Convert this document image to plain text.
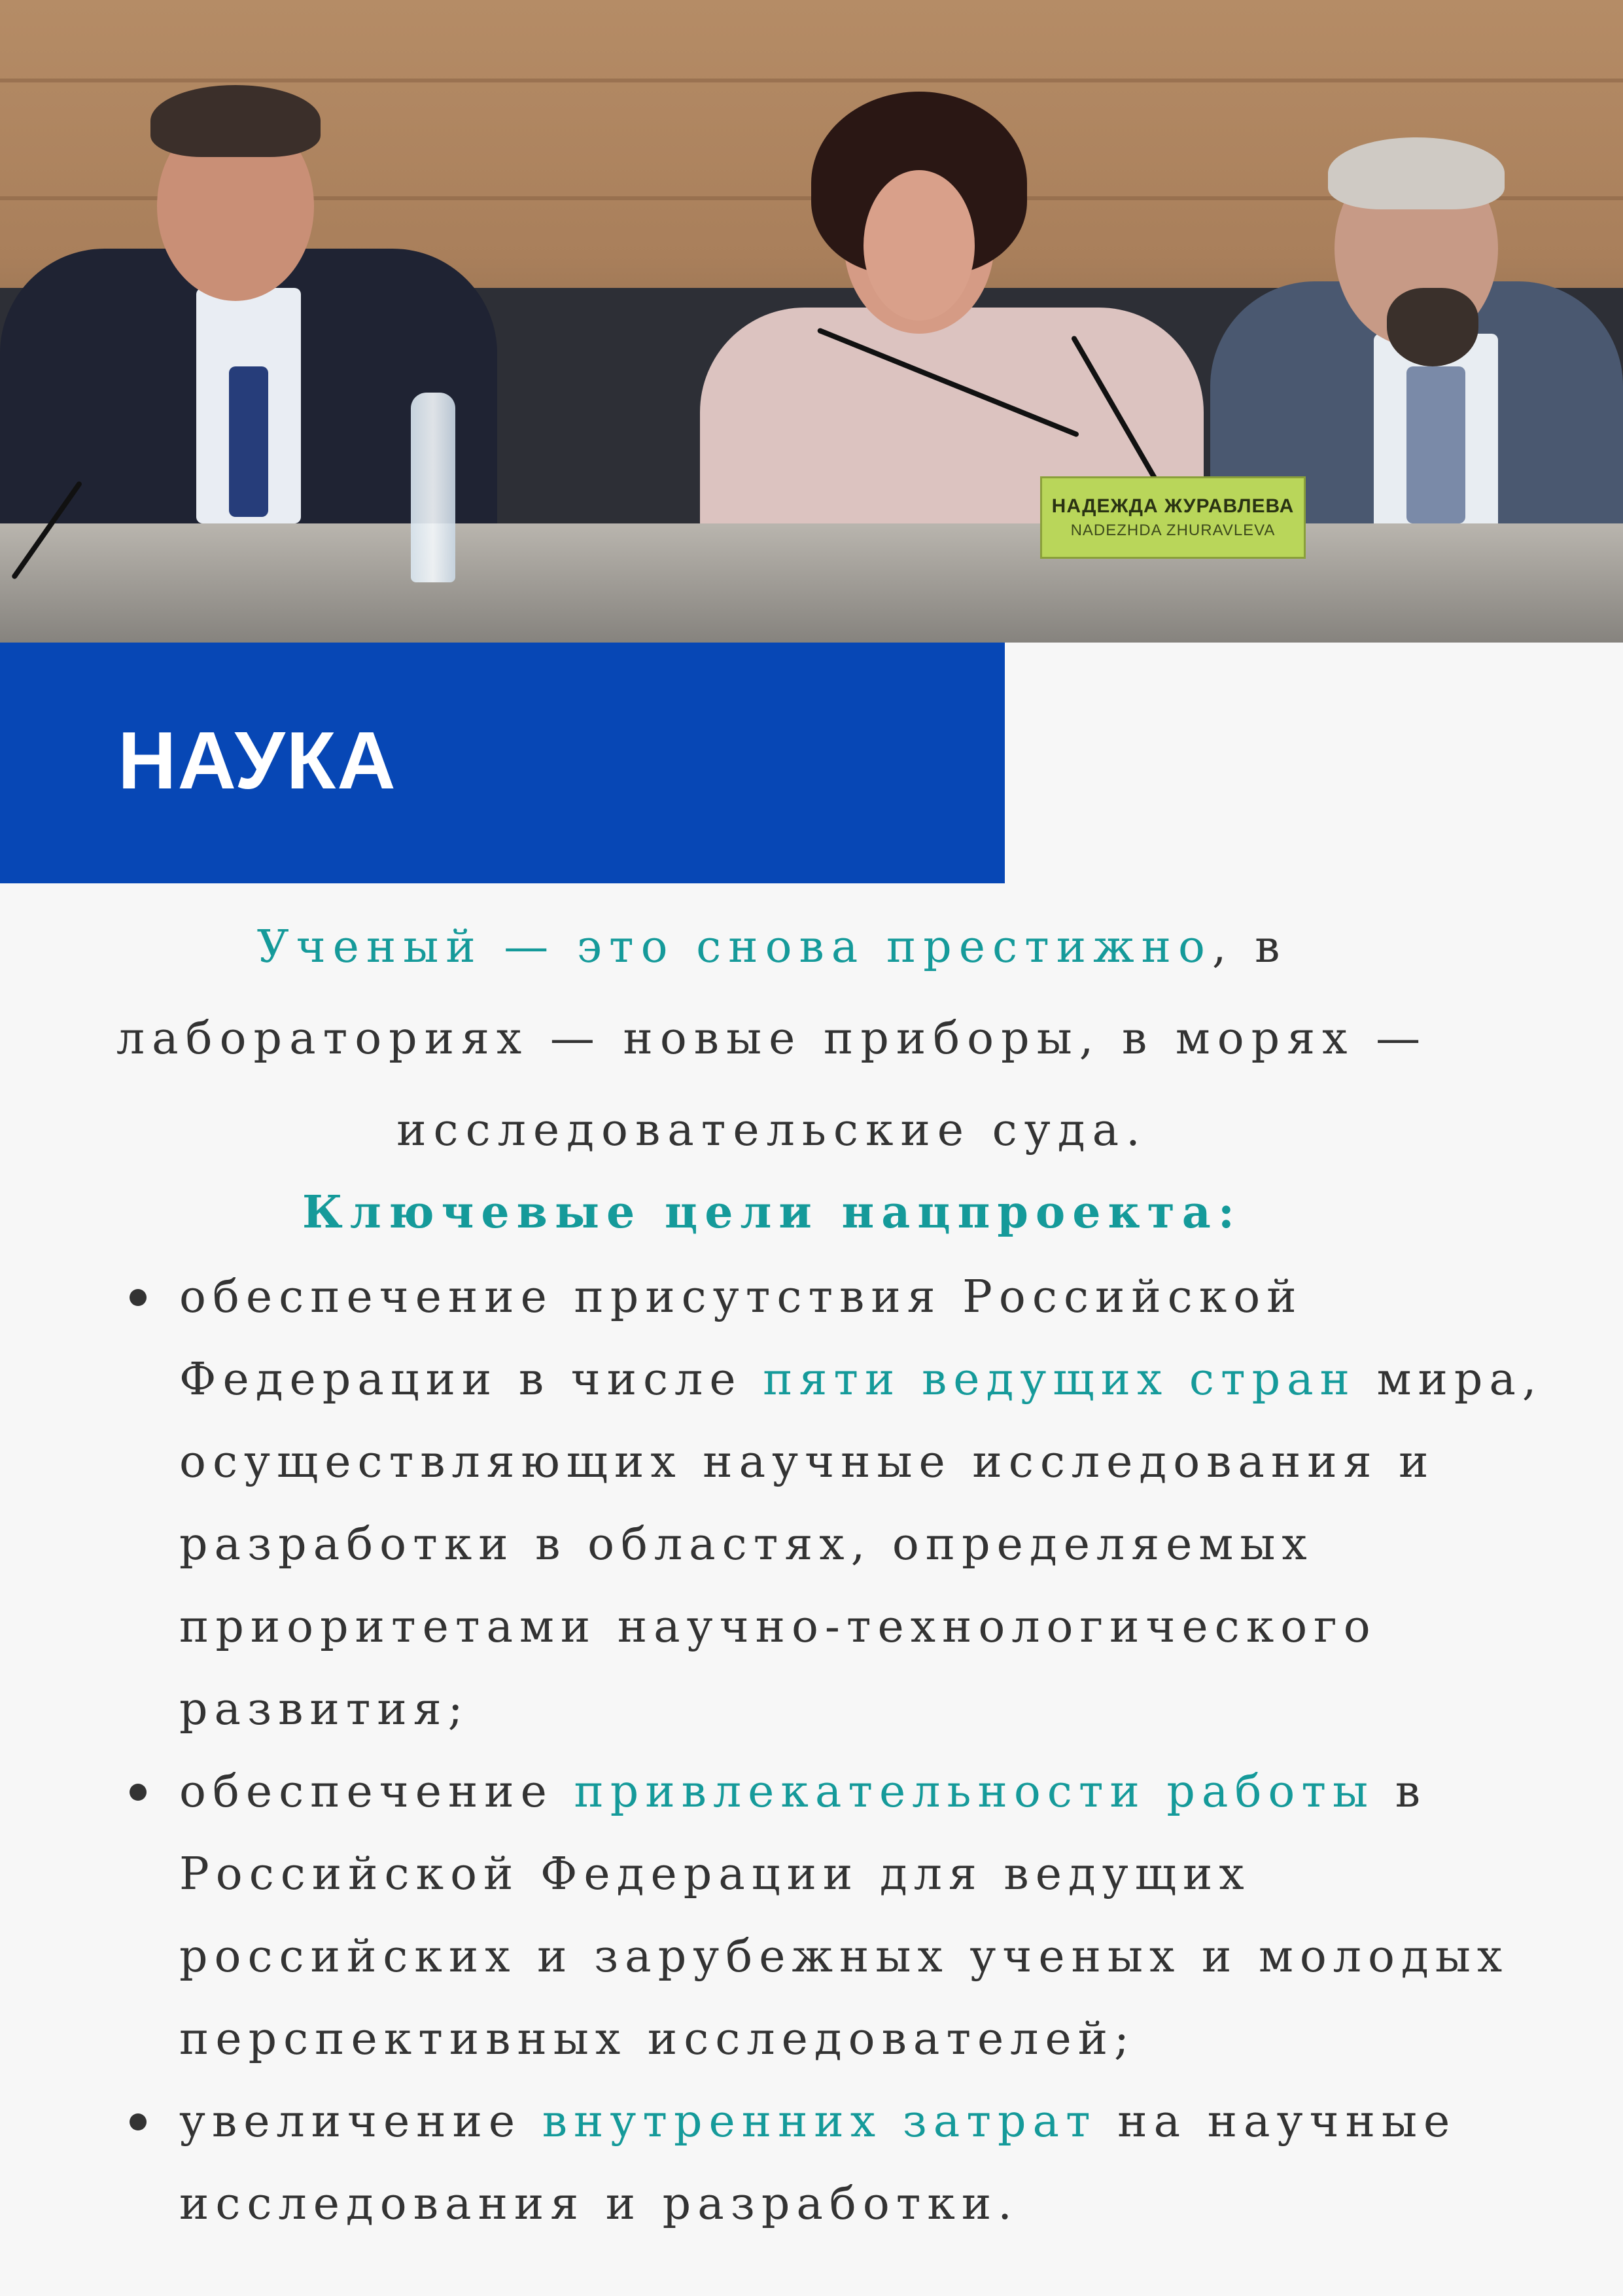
НАДЕЖДА ЖУРАВЛЕВА
NADEZHDA ZHURAVLEVA
НАУКА

Ученый — это снова престижно, в лабораториях — новые приборы, в морях — исследовательские суда.

Ключевые цели нацпроекта:
обеспечение присутствия Российской Федерации в числе пяти ведущих стран мира, осуществляющих научные исследования и разработки в областях, определяемых приоритетами научно-технологического развития;
обеспечение привлекательности работы в Российской Федерации для ведущих российских и зарубежных ученых и молодых перспективных исследователей;
увеличение внутренних затрат на научные исследования и разработки.
